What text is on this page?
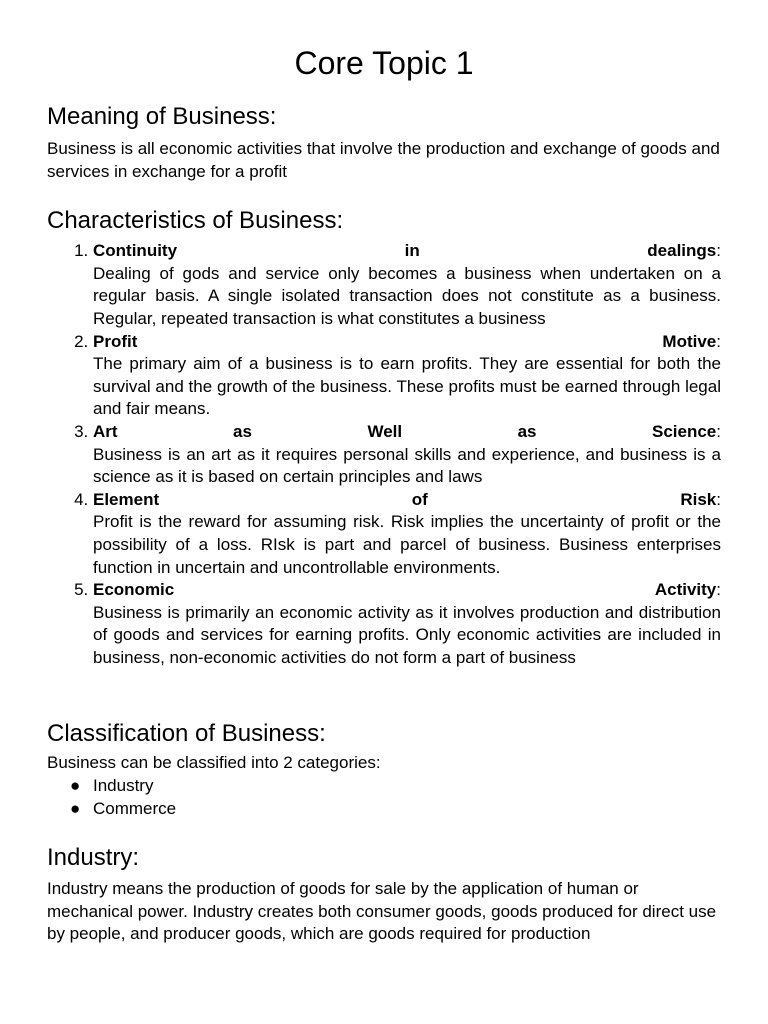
Core Topic 1
Meaning of Business:

Business is all economic activities that involve the production and exchange of goods and services in exchange for a profit

Characteristics of Business:
1. Continuity	in	dealings:
Dealing of gods and service only becomes a business when undertaken on a regular basis. A single isolated transaction does not constitute as a business. Regular, repeated transaction is what constitutes a business
2. Profit	Motive:
The primary aim of a business is to earn profits. They are essential for both the survival and the growth of the business. These profits must be earned through legal and fair means.
3. Art	as	Well	as	Science:
Business is an art as it requires personal skills and experience, and business is a science as it is based on certain principles and laws
4. Element	of	Risk:
Profit is the reward for assuming risk. Risk implies the uncertainty of profit or the possibility of a loss. RIsk is part and parcel of business. Business enterprises function in uncertain and uncontrollable environments.
5. Economic	Activity:
Business is primarily an economic activity as it involves production and distribution of goods and services for earning profits. Only economic activities are included in business, non-economic activities do not form a part of business
Classification of Business:

Business can be classified into 2 categories:

● Industry
● Commerce
Industry:

Industry means the production of goods for sale by the application of human or mechanical power. Industry creates both consumer goods, goods produced for direct use by people, and producer goods, which are goods required for production
